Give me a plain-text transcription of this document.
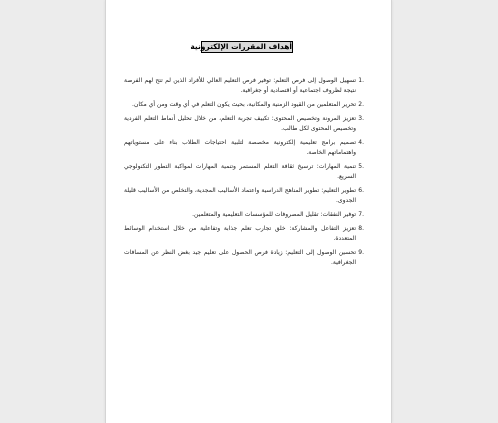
أهداف المقررات الإلكترونية
.1
تسهيل الوصول إلى فرص التعلم: توفير فرص التعليم العالي للأفراد الذين لم تتح لهم الفرصة نتيجة لظروف اجتماعية أو اقتصادية أو جغرافية.
.2
تحرير المتعلمين من القيود الزمنية والمكانية، بحيث يكون التعلم في أي وقت ومن أي مكان.
.3
تعزيز المرونة وتخصيص المحتوى: تكييف تجربة التعلم، من خلال تحليل أنماط التعلم الفردية وتخصيص المحتوى لكل طالب.
.4
تصميم برامج تعليمية إلكترونية مخصصة لتلبية احتياجات الطلاب بناء على مستوياتهم واهتماماتهم الخاصة.
.5
تنمية المهارات: ترسيخ ثقافة التعلم المستمر وتنمية المهارات لمواكبة التطور التكنولوجي السريع.
.6
تطوير التعليم: تطوير المناهج الدراسية واعتماد الأساليب المجدية، والتخلص من الأساليب قليلة الجدوى.
.7
توفير النفقات: تقليل المصروفات للمؤسسات التعليمية والمتعلمين.
.8
تعزيز التفاعل والمشاركة: خلق تجارب تعلم جذابة وتفاعلية من خلال استخدام الوسائط المتعددة.
.9
تحسين الوصول إلى التعليم: زيادة فرص الحصول على تعليم جيد بغض النظر عن المسافات الجغرافية.
